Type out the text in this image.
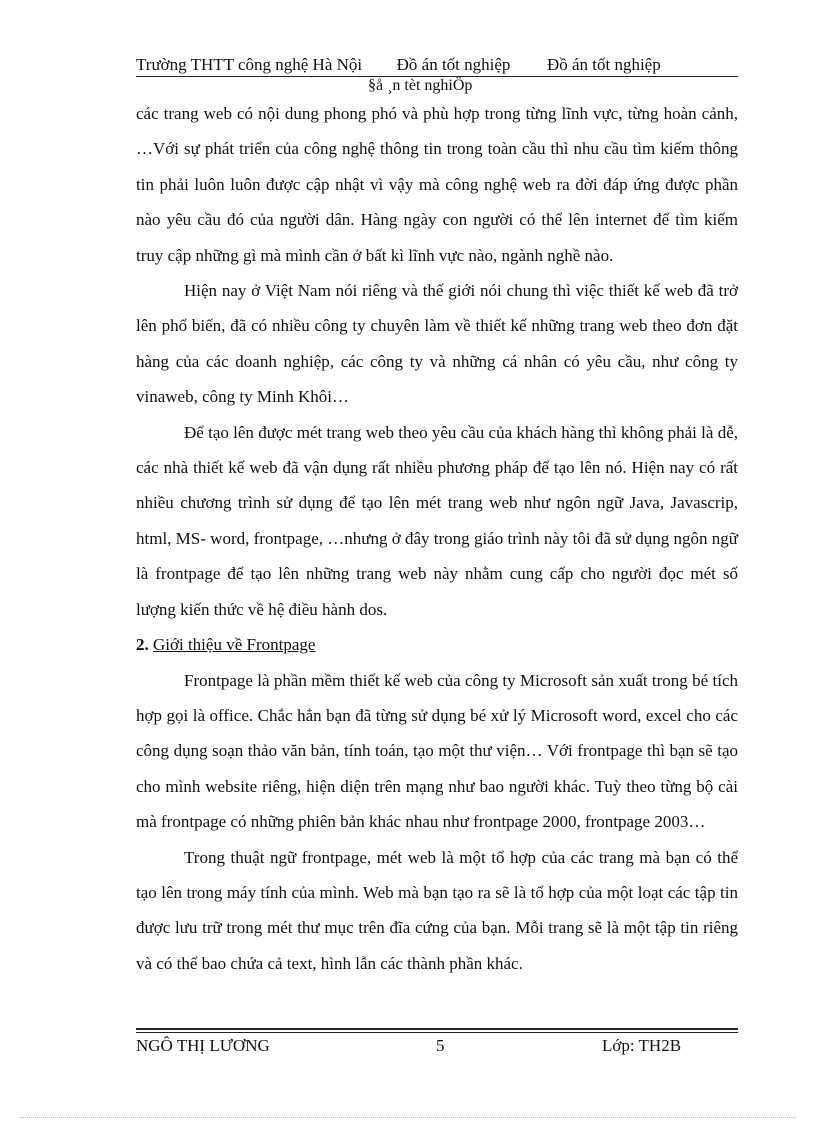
Trường THTT công nghệ Hà Nội Đồ án tốt nghiệp Đồ án tốt nghiệp
§å ¸n tèt nghiÖp

các trang web có nội dung phong phó và phù hợp trong từng lĩnh vực, từng hoàn cảnh, …Với sự phát triển của công nghệ thông tin trong toàn cầu thì nhu cầu tìm kiếm thông tin phải luôn luôn được cập nhật vì vậy mà công nghệ web ra đời đáp ứng được phần nào yêu cầu đó của người dân. Hàng ngày con người có thể lên internet để tìm kiếm truy cập những gì mà mình cần ở bất kì lĩnh vực nào, ngành nghề nào.

Hiện nay ở Việt Nam nói riêng và thế giới nói chung thì việc thiết kế web đã trở lên phổ biến, đã có nhiều công ty chuyên làm về thiết kế những trang web theo đơn đặt hàng của các doanh nghiệp, các công ty và những cá nhân có yêu cầu, như công ty vinaweb, công ty Minh Khôi…

Để tạo lên được mét trang web theo yêu cầu của khách hàng thì không phải là dễ, các nhà thiết kế web đã vận dụng rất nhiều phương pháp để tạo lên nó. Hiện nay có rất nhiều chương trình sử dụng để tạo lên mét trang web như ngôn ngữ Java, Javascrip, html, MS- word, frontpage, …nhưng ở đây trong giáo trình này tôi đã sử dụng ngôn ngữ là frontpage để tạo lên những trang web này nhằm cung cấp cho người đọc mét số lượng kiến thức về hệ điều hành dos.

2. Giới thiệu về Frontpage

Frontpage là phần mềm thiết kế web của công ty Microsoft sản xuất trong bé tích hợp gọi là office. Chắc hẳn bạn đã từng sử dụng bé xử lý Microsoft word, excel cho các công dụng soạn thảo văn bản, tính toán, tạo một thư viện… Với frontpage thì bạn sẽ tạo cho mình website riêng, hiện diện trên mạng như bao người khác. Tuỳ theo từng bộ cài mà frontpage có những phiên bản khác nhau như frontpage 2000, frontpage 2003…

Trong thuật ngữ frontpage, mét web là một tổ hợp của các trang mà bạn có thể tạo lên trong máy tính của mình. Web mà bạn tạo ra sẽ là tổ hợp của một loạt các tập tin được lưu trữ trong mét thư mục trên đĩa cứng của bạn. Mỗi trang sẽ là một tập tin riêng và có thể bao chứa cả text, hình lẫn các thành phần khác.

NGÔ THỊ LƯƠNG	5	Lớp: TH2B
